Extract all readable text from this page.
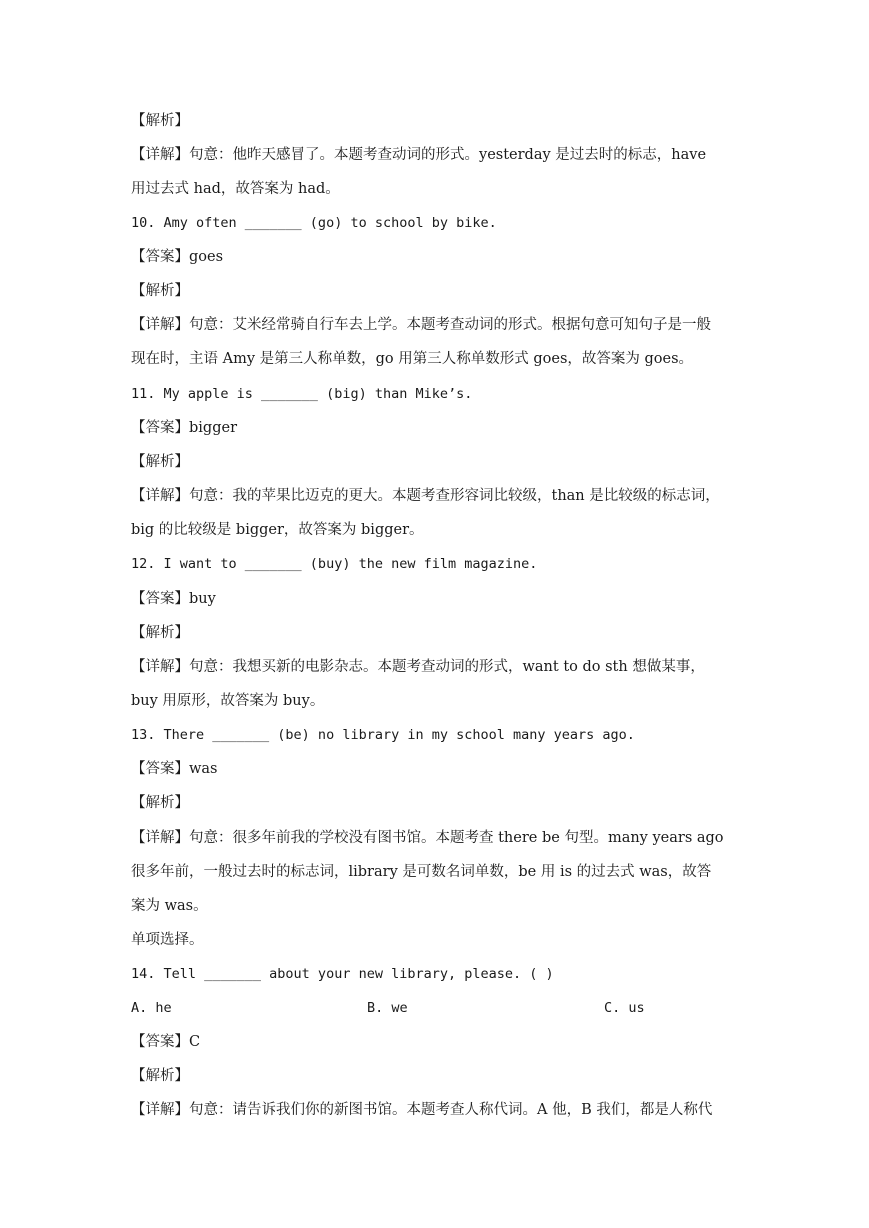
【解析】
【详解】句意：他昨天感冒了。本题考查动词的形式。yesterday 是过去时的标志，have
用过去式 had，故答案为 had。
10. Amy often _______ (go) to school by bike.
【答案】goes
【解析】
【详解】句意：艾米经常骑自行车去上学。本题考查动词的形式。根据句意可知句子是一般
现在时，主语 Amy 是第三人称单数，go 用第三人称单数形式 goes，故答案为 goes。
11. My apple is _______ (big) than Mike’s.
【答案】bigger
【解析】
【详解】句意：我的苹果比迈克的更大。本题考查形容词比较级，than 是比较级的标志词，
big 的比较级是 bigger，故答案为 bigger。
12. I want to _______ (buy) the new film magazine.
【答案】buy
【解析】
【详解】句意：我想买新的电影杂志。本题考查动词的形式，want to do sth 想做某事，
buy 用原形，故答案为 buy。
13. There _______ (be) no library in my school many years ago.
【答案】was
【解析】
【详解】句意：很多年前我的学校没有图书馆。本题考查 there be 句型。many years ago
很多年前，一般过去时的标志词，library 是可数名词单数，be 用 is 的过去式 was，故答
案为 was。
单项选择。
14. Tell _______ about your new library, please. ( )
A. he	B. we	C. us
【答案】C
【解析】
【详解】句意：请告诉我们你的新图书馆。本题考查人称代词。A 他，B 我们，都是人称代
